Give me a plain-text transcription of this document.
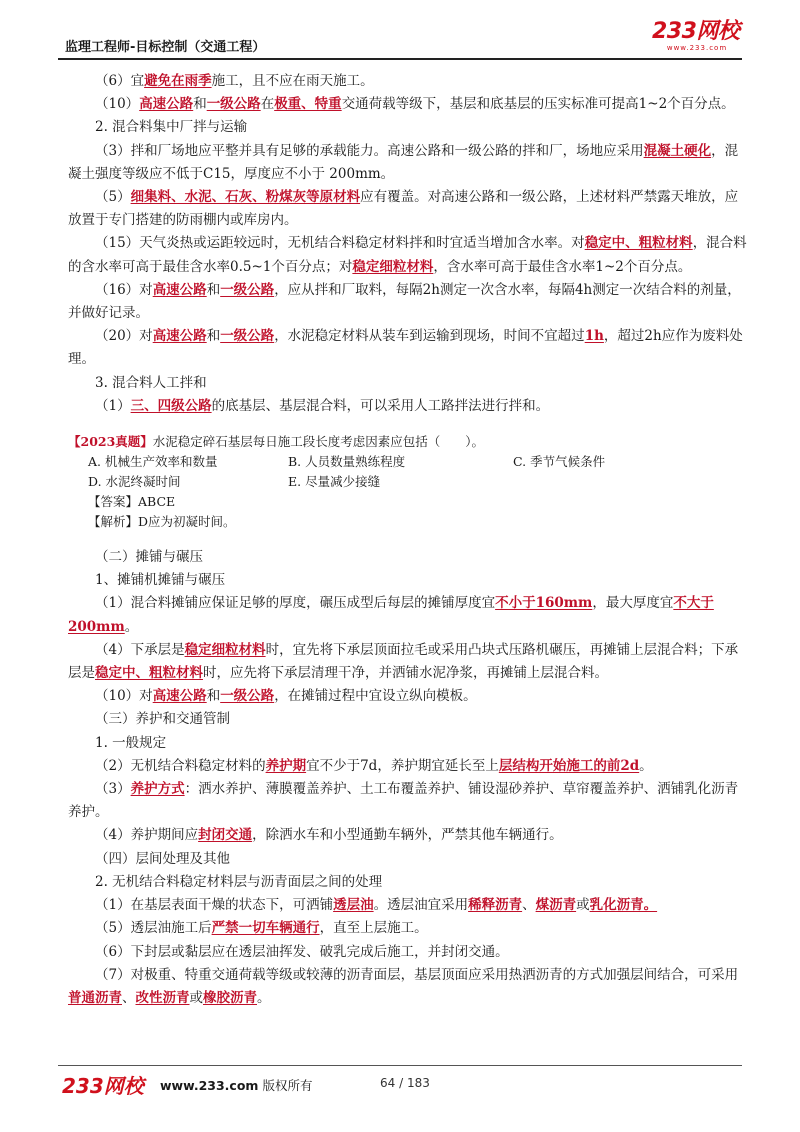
监理工程师-目标控制（交通工程）
233网校
www.233.com

（6）宜避免在雨季施工，且不应在雨天施工。

（10）高速公路和一级公路在极重、特重交通荷载等级下，基层和底基层的压实标准可提高1~2个百分点。

2. 混合料集中厂拌与运输

（3）拌和厂场地应平整并具有足够的承载能力。高速公路和一级公路的拌和厂，场地应采用混凝土硬化，混凝土强度等级应不低于C15，厚度应不小于 200mm。

（5）细集料、水泥、石灰、粉煤灰等原材料应有覆盖。对高速公路和一级公路，上述材料严禁露天堆放，应放置于专门搭建的防雨棚内或库房内。

（15）天气炎热或运距较远时，无机结合料稳定材料拌和时宜适当增加含水率。对稳定中、粗粒材料，混合料的含水率可高于最佳含水率0.5~1个百分点；对稳定细粒材料，含水率可高于最佳含水率1~2个百分点。

（16）对高速公路和一级公路，应从拌和厂取料，每隔2h测定一次含水率，每隔4h测定一次结合料的剂量，并做好记录。

（20）对高速公路和一级公路，水泥稳定材料从装车到运输到现场，时间不宜超过1h，超过2h应作为废料处理。

3. 混合料人工拌和

（1）三、四级公路的底基层、基层混合料，可以采用人工路拌法进行拌和。

【2023真题】水泥稳定碎石基层每日施工段长度考虑因素应包括（　　）。
A. 机械生产效率和数量	B. 人员数量熟练程度	C. 季节气候条件
D. 水泥终凝时间	E. 尽量减少接缝
【答案】ABCE
【解析】D应为初凝时间。

（二）摊铺与碾压

1、摊铺机摊铺与碾压

（1）混合料摊铺应保证足够的厚度，碾压成型后每层的摊铺厚度宜不小于160mm，最大厚度宜不大于200mm。

（4）下承层是稳定细粒材料时，宜先将下承层顶面拉毛或采用凸块式压路机碾压，再摊铺上层混合料；下承层是稳定中、粗粒材料时，应先将下承层清理干净，并洒铺水泥净浆，再摊铺上层混合料。

（10）对高速公路和一级公路，在摊铺过程中宜设立纵向模板。

（三）养护和交通管制

1. 一般规定

（2）无机结合料稳定材料的养护期宜不少于7d，养护期宜延长至上层结构开始施工的前2d。

（3）养护方式：洒水养护、薄膜覆盖养护、土工布覆盖养护、铺设湿砂养护、草帘覆盖养护、洒铺乳化沥青养护。

（4）养护期间应封闭交通，除洒水车和小型通勤车辆外，严禁其他车辆通行。

（四）层间处理及其他

2. 无机结合料稳定材料层与沥青面层之间的处理

（1）在基层表面干燥的状态下，可洒铺透层油。透层油宜采用稀释沥青、煤沥青或乳化沥青。

（5）透层油施工后严禁一切车辆通行，直至上层施工。

（6）下封层或黏层应在透层油挥发、破乳完成后施工，并封闭交通。

（7）对极重、特重交通荷载等级或较薄的沥青面层，基层顶面应采用热洒沥青的方式加强层间结合，可采用普通沥青、改性沥青或橡胶沥青。

233网校 www.233.com 版权所有	64 / 183
